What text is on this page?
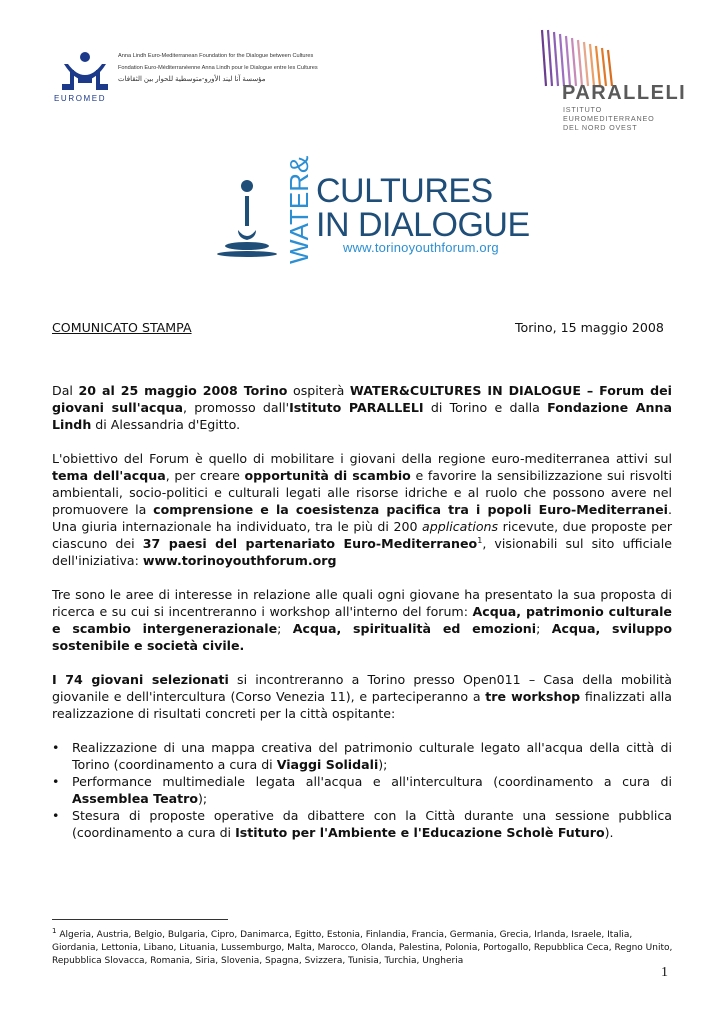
EUROMED
Anna Lindh Euro-Mediterranean Foundation for the Dialogue between Cultures
Fondation Euro-Méditerranéenne Anna Lindh pour le Dialogue entre les Cultures
مؤسسة آنا ليند الأورو-متوسطية للحوار بين الثقافات
PARALLELI
ISTITUTO
EUROMEDITERRANEO
DEL NORD OVEST
WATER& CULTURES
IN DIALOGUE
www.torinoyouthforum.org
COMUNICATO STAMPA	Torino, 15 maggio 2008

Dal 20 al 25 maggio 2008 Torino ospiterà WATER&CULTURES IN DIALOGUE – Forum dei giovani sull'acqua, promosso dall'Istituto PARALLELI di Torino e dalla Fondazione Anna Lindh di Alessandria d'Egitto.

L'obiettivo del Forum è quello di mobilitare i giovani della regione euro-mediterranea attivi sul tema dell'acqua, per creare opportunità di scambio e favorire la sensibilizzazione sui risvolti ambientali, socio-politici e culturali legati alle risorse idriche e al ruolo che possono avere nel promuovere la comprensione e la coesistenza pacifica tra i popoli Euro-Mediterranei. Una giuria internazionale ha individuato, tra le più di 200 applications ricevute, due proposte per ciascuno dei 37 paesi del partenariato Euro-Mediterraneo$^1$, visionabili sul sito ufficiale dell'iniziativa: www.torinoyouthforum.org

Tre sono le aree di interesse in relazione alle quali ogni giovane ha presentato la sua proposta di ricerca e su cui si incentreranno i workshop all'interno del forum: Acqua, patrimonio culturale e scambio intergenerazionale; Acqua, spiritualità ed emozioni; Acqua, sviluppo sostenibile e società civile.

I 74 giovani selezionati si incontreranno a Torino presso Open011 – Casa della mobilità giovanile e dell'intercultura (Corso Venezia 11), e parteciperanno a tre workshop finalizzati alla realizzazione di risultati concreti per la città ospitante:

• Realizzazione di una mappa creativa del patrimonio culturale legato all'acqua della città di Torino (coordinamento a cura di Viaggi Solidali);
• Performance multimediale legata all'acqua e all'intercultura (coordinamento a cura di Assemblea Teatro);
• Stesura di proposte operative da dibattere con la Città durante una sessione pubblica (coordinamento a cura di Istituto per l'Ambiente e l'Educazione Scholè Futuro).
$^1$ Algeria, Austria, Belgio, Bulgaria, Cipro, Danimarca, Egitto, Estonia, Finlandia, Francia, Germania, Grecia, Irlanda, Israele, Italia, Giordania, Lettonia, Libano, Lituania, Lussemburgo, Malta, Marocco, Olanda, Palestina, Polonia, Portogallo, Repubblica Ceca, Regno Unito, Repubblica Slovacca, Romania, Siria, Slovenia, Spagna, Svizzera, Tunisia, Turchia, Ungheria
1
